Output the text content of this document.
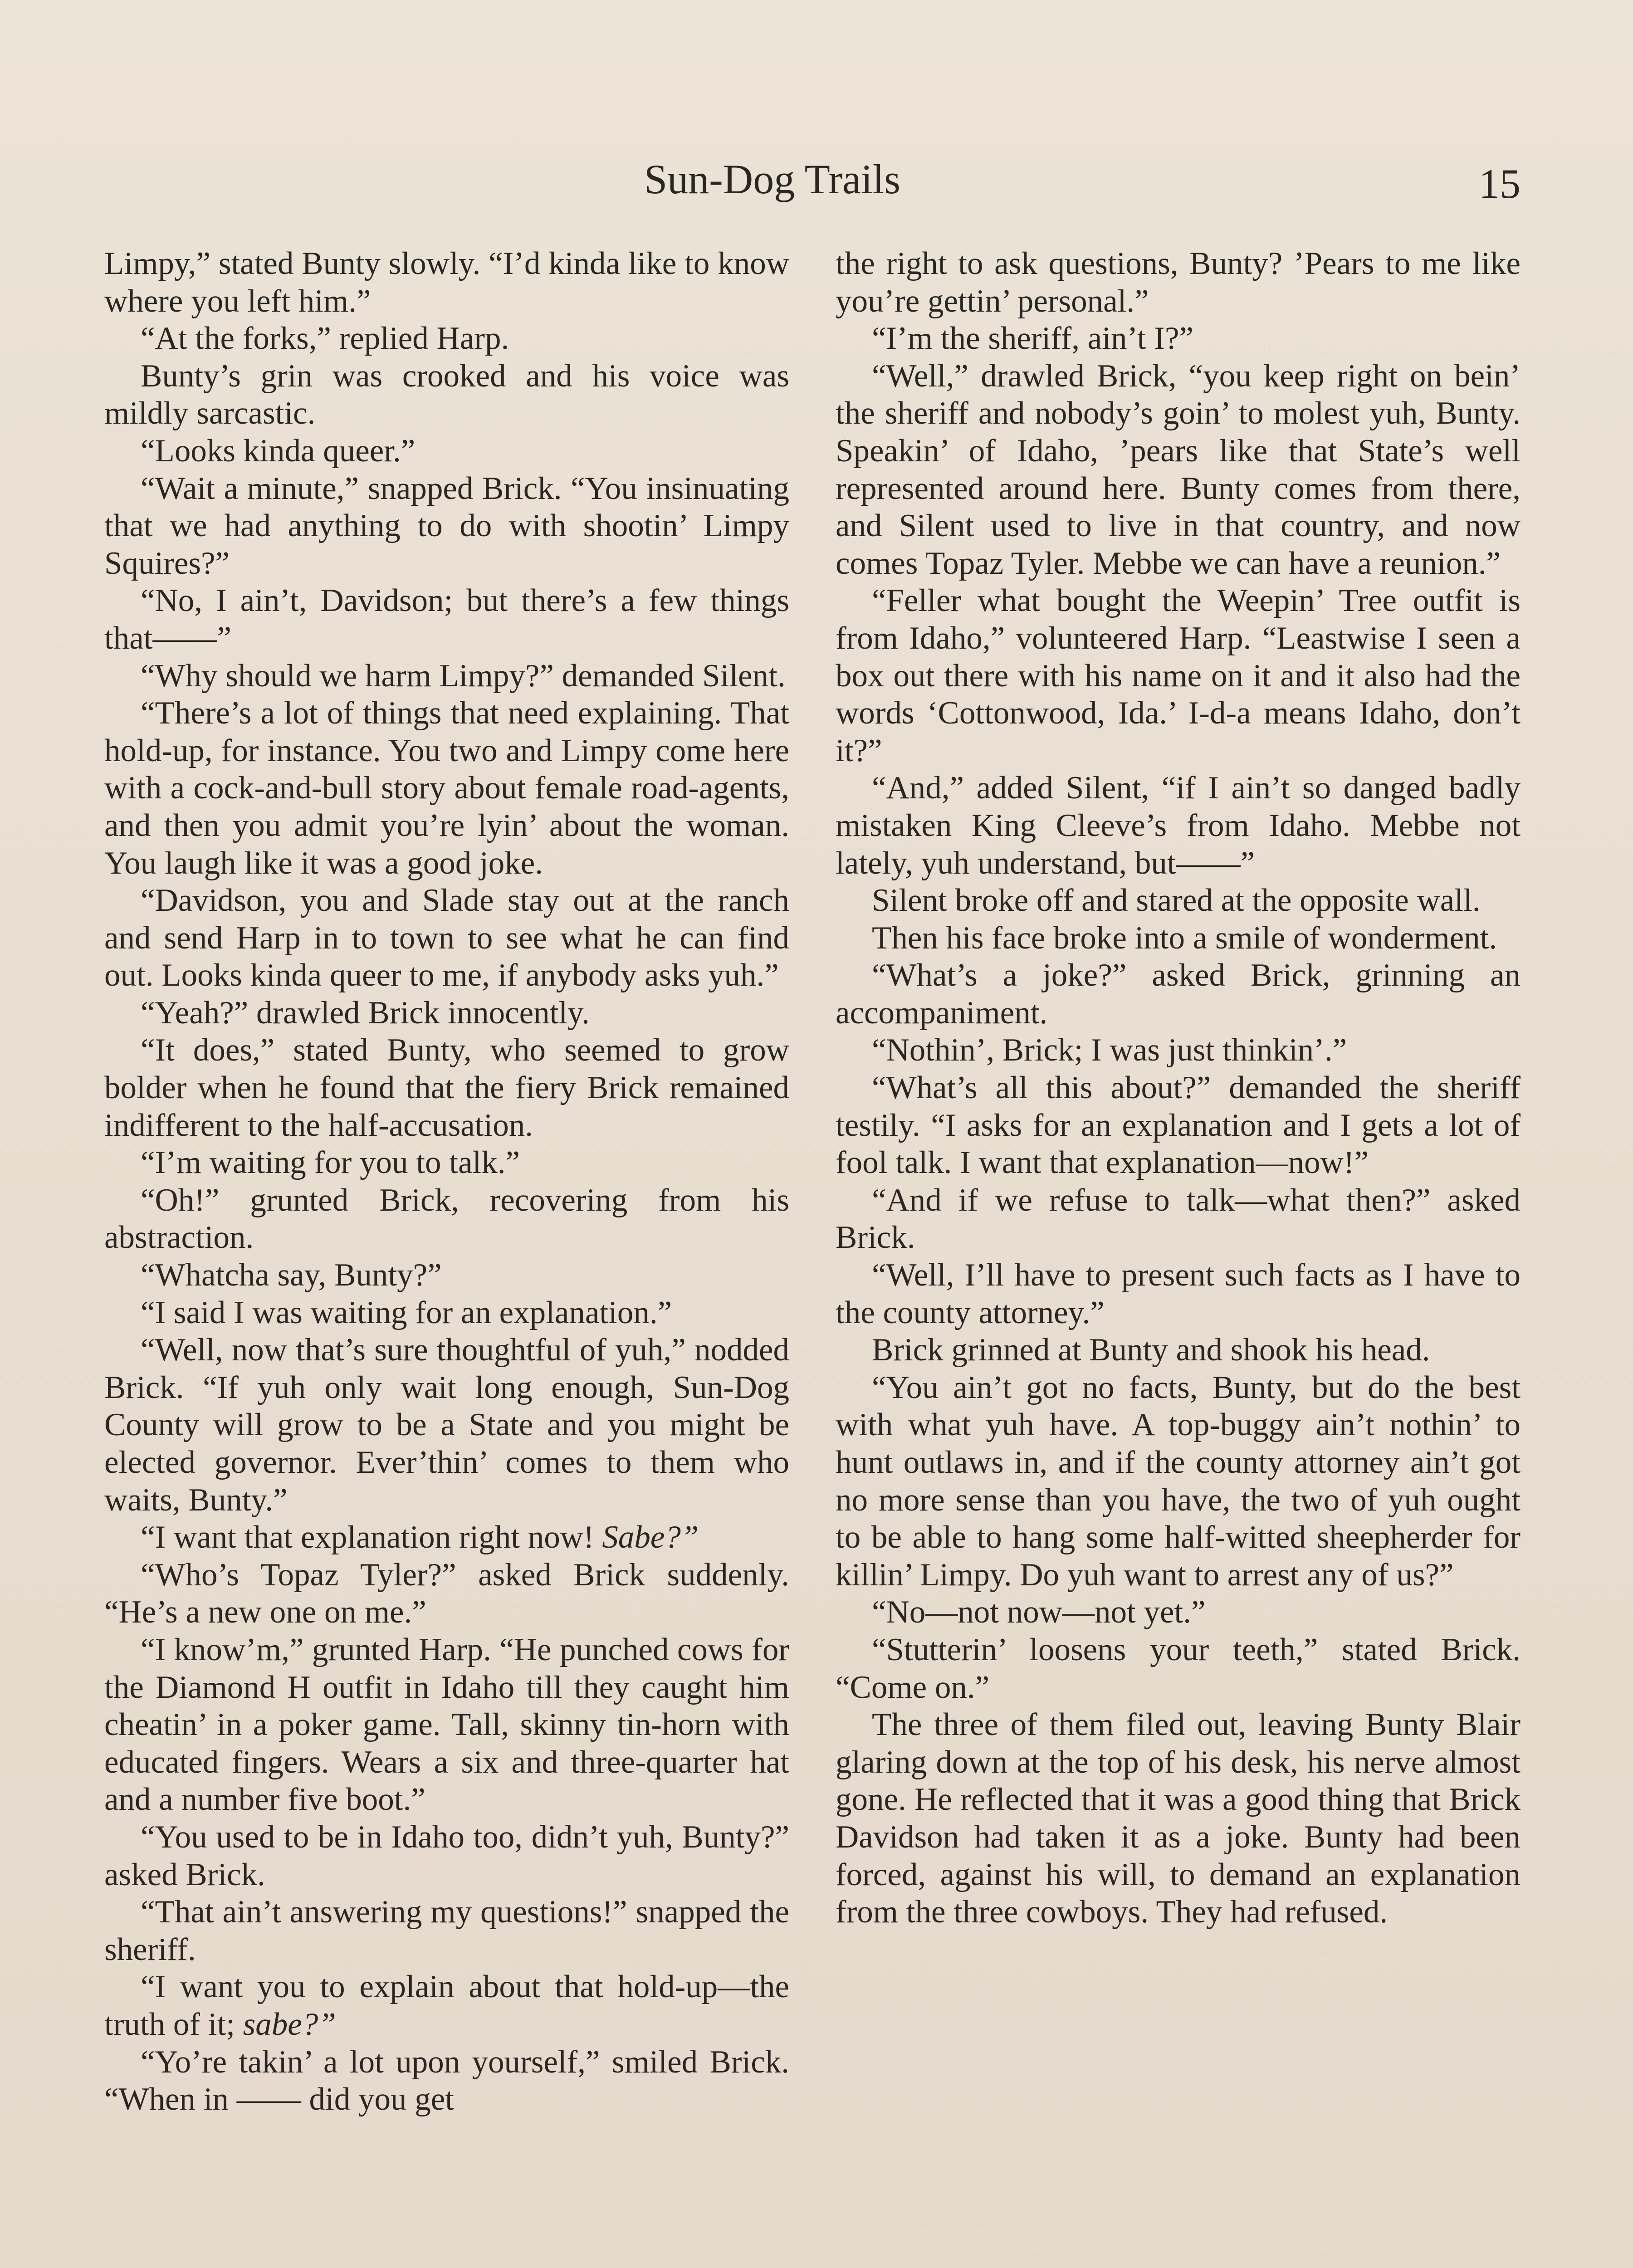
Sun-Dog Trails	15

Limpy,” stated Bunty slowly. “I’d kinda like to know where you left him.”

“At the forks,” replied Harp.

Bunty’s grin was crooked and his voice was mildly sarcastic.

“Looks kinda queer.”

“Wait a minute,” snapped Brick. “You insinuating that we had anything to do with shootin’ Limpy Squires?”

“No, I ain’t, Davidson; but there’s a few things that——”

“Why should we harm Limpy?” demanded Silent.

“There’s a lot of things that need explaining. That hold-up, for instance. You two and Limpy come here with a cock-and-bull story about female road-agents, and then you admit you’re lyin’ about the woman. You laugh like it was a good joke.

“Davidson, you and Slade stay out at the ranch and send Harp in to town to see what he can find out. Looks kinda queer to me, if anybody asks yuh.”

“Yeah?” drawled Brick innocently.

“It does,” stated Bunty, who seemed to grow bolder when he found that the fiery Brick remained indifferent to the half-accusation.

“I’m waiting for you to talk.”

“Oh!” grunted Brick, recovering from his abstraction.

“Whatcha say, Bunty?”

“I said I was waiting for an explanation.”

“Well, now that’s sure thoughtful of yuh,” nodded Brick. “If yuh only wait long enough, Sun-Dog County will grow to be a State and you might be elected governor. Ever’thin’ comes to them who waits, Bunty.”

“I want that explanation right now! Sabe?”

“Who’s Topaz Tyler?” asked Brick suddenly. “He’s a new one on me.”

“I know’m,” grunted Harp. “He punched cows for the Diamond H outfit in Idaho till they caught him cheatin’ in a poker game. Tall, skinny tin-horn with educated fingers. Wears a six and three-quarter hat and a number five boot.”

“You used to be in Idaho too, didn’t yuh, Bunty?” asked Brick.

“That ain’t answering my questions!” snapped the sheriff.

“I want you to explain about that hold-up—the truth of it; sabe?”

“Yo’re takin’ a lot upon yourself,” smiled Brick. “When in —— did you get

the right to ask questions, Bunty? ’Pears to me like you’re gettin’ personal.”

“I’m the sheriff, ain’t I?”

“Well,” drawled Brick, “you keep right on bein’ the sheriff and nobody’s goin’ to molest yuh, Bunty. Speakin’ of Idaho, ’pears like that State’s well represented around here. Bunty comes from there, and Silent used to live in that country, and now comes Topaz Tyler. Mebbe we can have a reunion.”

“Feller what bought the Weepin’ Tree outfit is from Idaho,” volunteered Harp. “Leastwise I seen a box out there with his name on it and it also had the words ‘Cottonwood, Ida.’ I-d-a means Idaho, don’t it?”

“And,” added Silent, “if I ain’t so danged badly mistaken King Cleeve’s from Idaho. Mebbe not lately, yuh understand, but——”

Silent broke off and stared at the opposite wall.

Then his face broke into a smile of wonderment.

“What’s a joke?” asked Brick, grinning an accompaniment.

“Nothin’, Brick; I was just thinkin’.”

“What’s all this about?” demanded the sheriff testily. “I asks for an explanation and I gets a lot of fool talk. I want that explanation—now!”

“And if we refuse to talk—what then?” asked Brick.

“Well, I’ll have to present such facts as I have to the county attorney.”

Brick grinned at Bunty and shook his head.

“You ain’t got no facts, Bunty, but do the best with what yuh have. A top-buggy ain’t nothin’ to hunt outlaws in, and if the county attorney ain’t got no more sense than you have, the two of yuh ought to be able to hang some half-witted sheepherder for killin’ Limpy. Do yuh want to arrest any of us?”

“No—not now—not yet.”

“Stutterin’ loosens your teeth,” stated Brick. “Come on.”

The three of them filed out, leaving Bunty Blair glaring down at the top of his desk, his nerve almost gone. He reflected that it was a good thing that Brick Davidson had taken it as a joke. Bunty had been forced, against his will, to demand an explanation from the three cowboys. They had refused.
